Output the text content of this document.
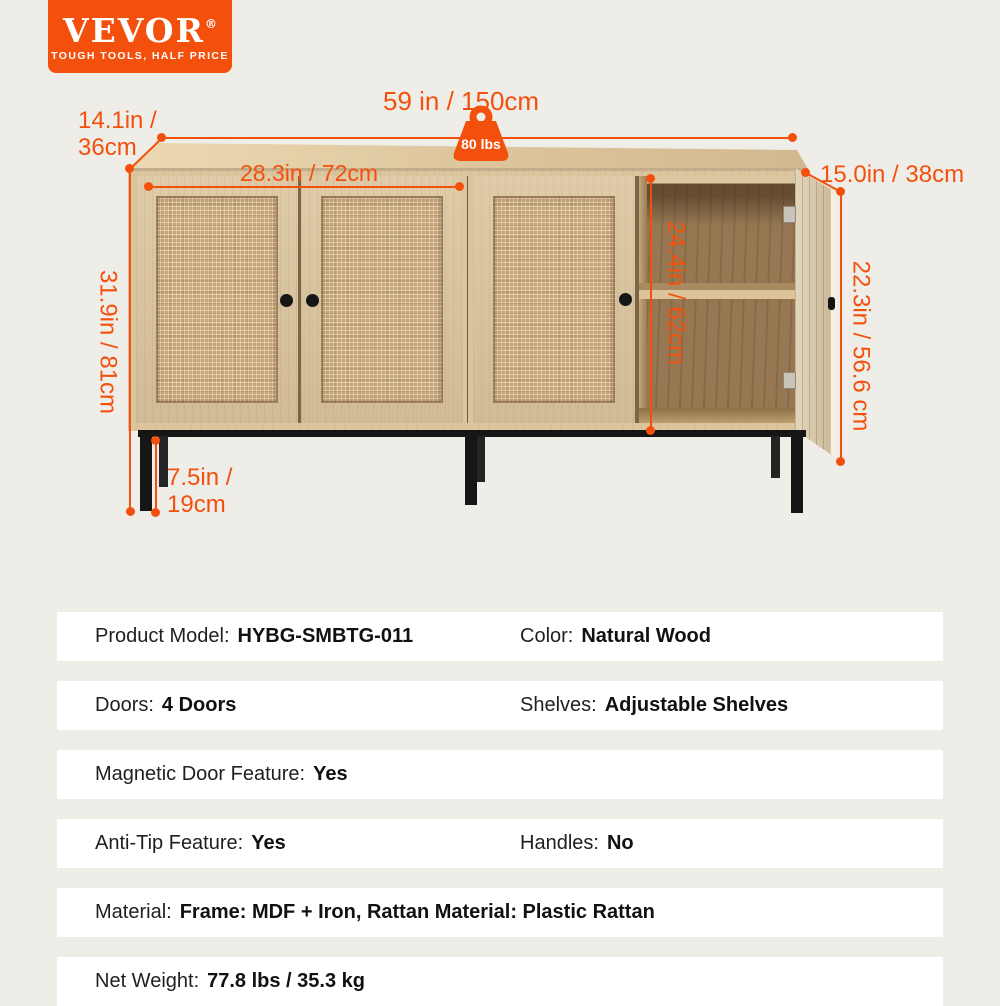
VEVOR®
TOUGH TOOLS, HALF PRICE
59 in / 150cm
14.1in /
36cm
28.3in / 72cm	15.0in / 38cm
31.9in / 81cm	24.4in / 62cm	22.3in / 56.6 cm
7.5in /
19cm
80 lbs
Product Model: HYBG-SMBTG-011	Color: Natural Wood
Doors: 4 Doors	Shelves: Adjustable Shelves
Magnetic Door Feature: Yes
Anti-Tip Feature: Yes	Handles: No
Material: Frame: MDF + Iron, Rattan Material: Plastic Rattan
Net Weight: 77.8 lbs / 35.3 kg
